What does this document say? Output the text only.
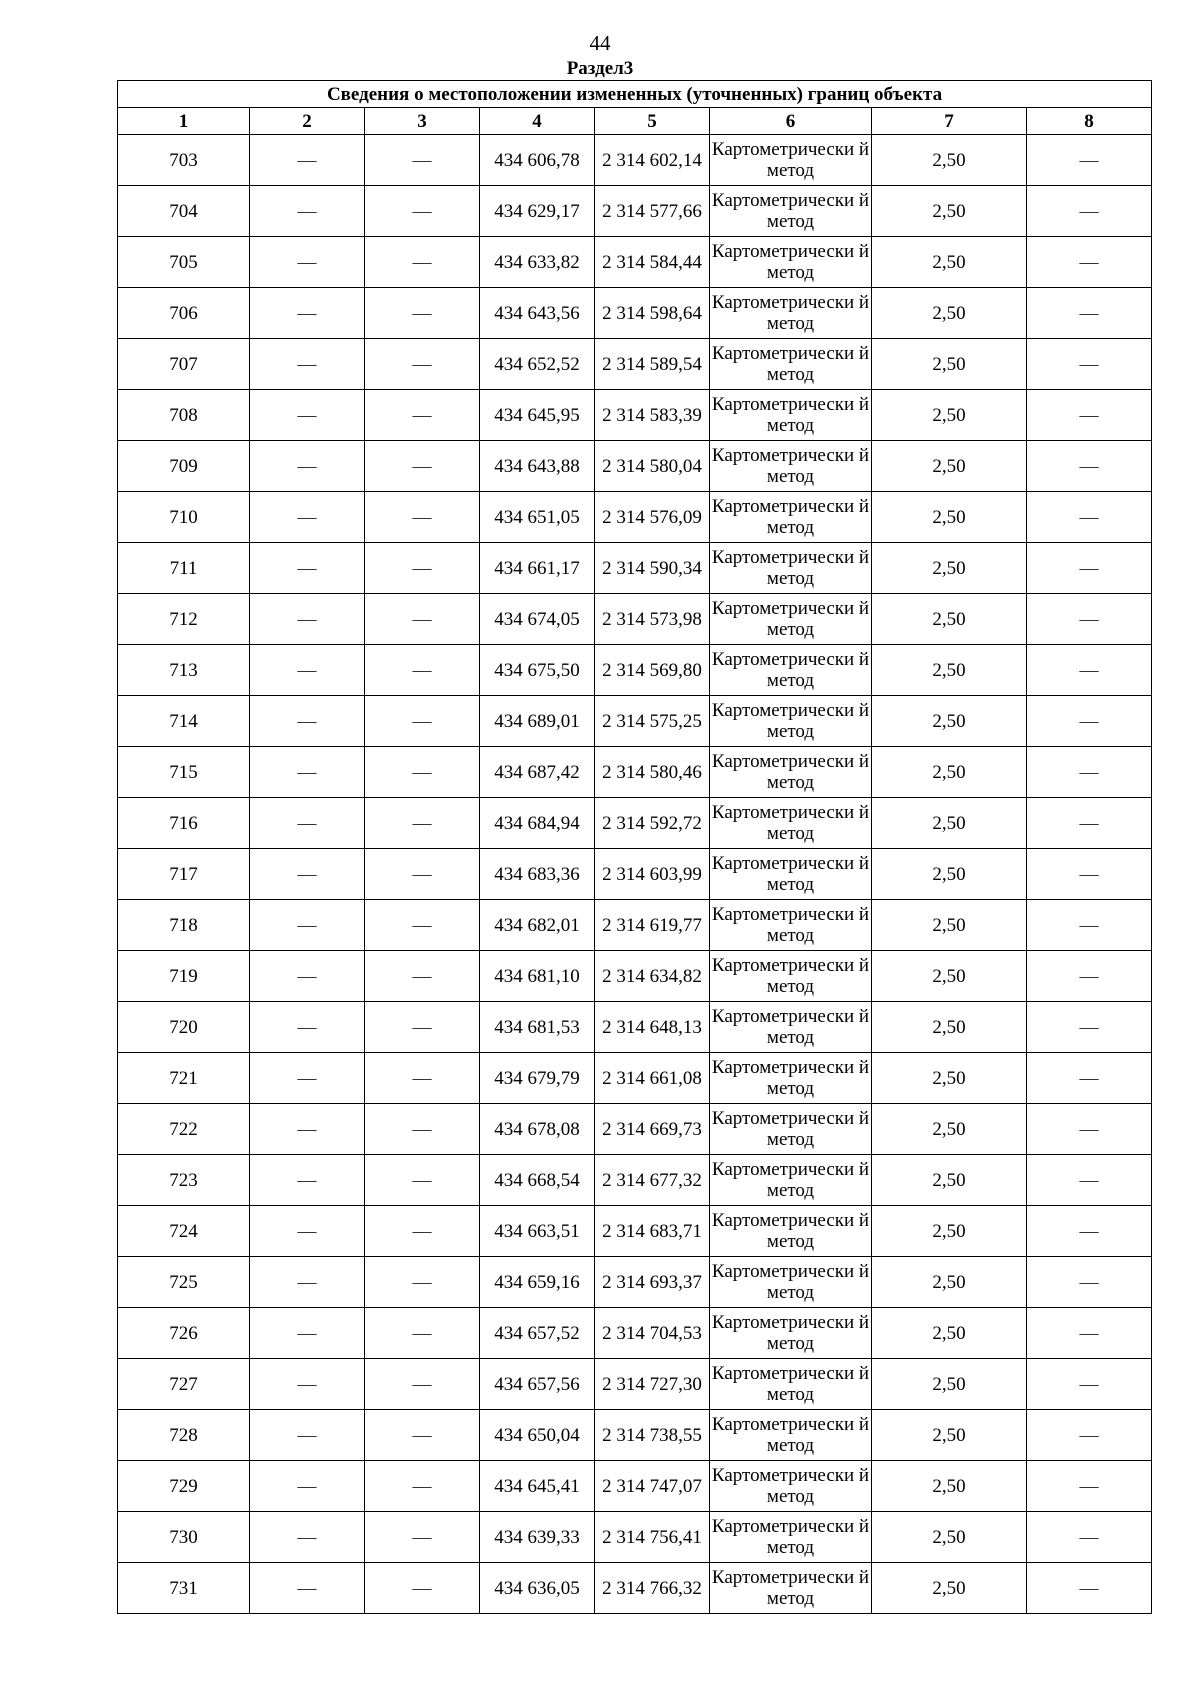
44
Раздел3
Сведения о местоположении измененных (уточненных) границ объекта							
1	2	3	4	5	6	7	8
703	—	—	434 606,78	2 314 602,14	Картометрически й метод	2,50	—
704	—	—	434 629,17	2 314 577,66	Картометрически й метод	2,50	—
705	—	—	434 633,82	2 314 584,44	Картометрически й метод	2,50	—
706	—	—	434 643,56	2 314 598,64	Картометрически й метод	2,50	—
707	—	—	434 652,52	2 314 589,54	Картометрически й метод	2,50	—
708	—	—	434 645,95	2 314 583,39	Картометрически й метод	2,50	—
709	—	—	434 643,88	2 314 580,04	Картометрически й метод	2,50	—
710	—	—	434 651,05	2 314 576,09	Картометрически й метод	2,50	—
711	—	—	434 661,17	2 314 590,34	Картометрически й метод	2,50	—
712	—	—	434 674,05	2 314 573,98	Картометрически й метод	2,50	—
713	—	—	434 675,50	2 314 569,80	Картометрически й метод	2,50	—
714	—	—	434 689,01	2 314 575,25	Картометрически й метод	2,50	—
715	—	—	434 687,42	2 314 580,46	Картометрически й метод	2,50	—
716	—	—	434 684,94	2 314 592,72	Картометрически й метод	2,50	—
717	—	—	434 683,36	2 314 603,99	Картометрически й метод	2,50	—
718	—	—	434 682,01	2 314 619,77	Картометрически й метод	2,50	—
719	—	—	434 681,10	2 314 634,82	Картометрически й метод	2,50	—
720	—	—	434 681,53	2 314 648,13	Картометрически й метод	2,50	—
721	—	—	434 679,79	2 314 661,08	Картометрически й метод	2,50	—
722	—	—	434 678,08	2 314 669,73	Картометрически й метод	2,50	—
723	—	—	434 668,54	2 314 677,32	Картометрически й метод	2,50	—
724	—	—	434 663,51	2 314 683,71	Картометрически й метод	2,50	—
725	—	—	434 659,16	2 314 693,37	Картометрически й метод	2,50	—
726	—	—	434 657,52	2 314 704,53	Картометрически й метод	2,50	—
727	—	—	434 657,56	2 314 727,30	Картометрически й метод	2,50	—
728	—	—	434 650,04	2 314 738,55	Картометрически й метод	2,50	—
729	—	—	434 645,41	2 314 747,07	Картометрически й метод	2,50	—
730	—	—	434 639,33	2 314 756,41	Картометрически й метод	2,50	—
731	—	—	434 636,05	2 314 766,32	Картометрически й метод	2,50	—
